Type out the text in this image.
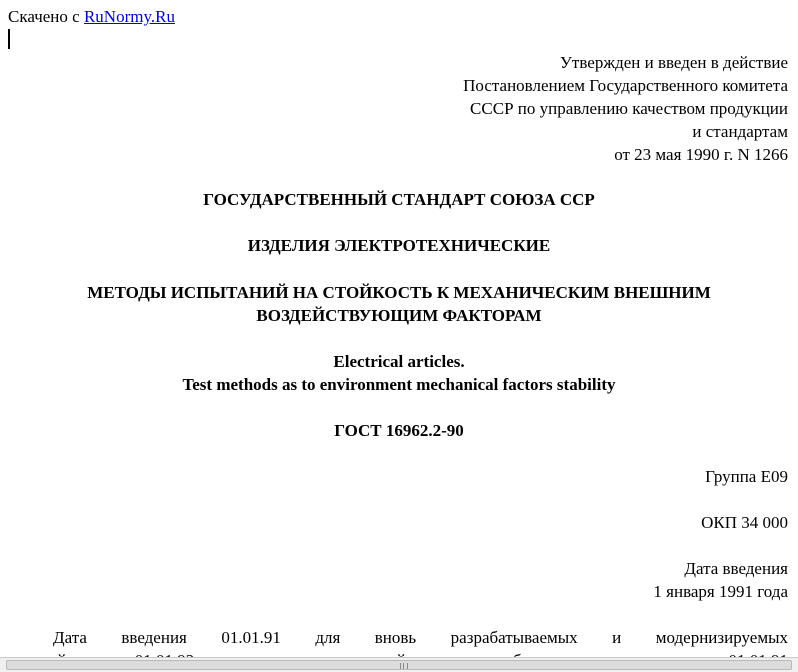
Скачено с RuNormy.Ru
Утвержден и введен в действие
Постановлением Государственного комитета
СССР по управлению качеством продукции
и стандартам
от 23 мая 1990 г. N 1266
ГОСУДАРСТВЕННЫЙ СТАНДАРТ СОЮЗА ССР
ИЗДЕЛИЯ ЭЛЕКТРОТЕХНИЧЕСКИЕ
МЕТОДЫ ИСПЫТАНИЙ НА СТОЙКОСТЬ К МЕХАНИЧЕСКИМ ВНЕШНИМ
ВОЗДЕЙСТВУЮЩИМ ФАКТОРАМ
Electrical articles.
Test methods as to environment mechanical factors stability
ГОСТ 16962.2-90
Группа Е09
ОКП 34 000
Дата введения
1 января 1991 года
Дата введения 01.01.91 для вновь разрабатываемых и модернизируемых
